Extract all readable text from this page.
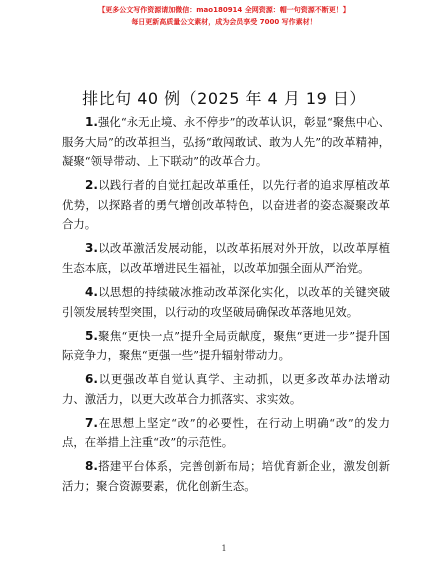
【更多公文写作资源请加微信：mao180914 全网资源：帽一句资源不断更！】
每日更新高质量公文素材，成为会员享受 7000 写作素材！
排比句 40 例（2025 年 4 月 19 日）

1.强化“永无止境、永不停步”的改革认识，彰显“聚焦中心、服务大局”的改革担当，弘扬“敢闯敢试、敢为人先”的改革精神，凝聚“领导带动、上下联动”的改革合力。

2.以践行者的自觉扛起改革重任，以先行者的追求厚植改革优势，以探路者的勇气增创改革特色，以奋进者的姿态凝聚改革合力。

3.以改革激活发展动能，以改革拓展对外开放，以改革厚植生态本底，以改革增进民生福祉，以改革加强全面从严治党。

4.以思想的持续破冰推动改革深化实化，以改革的关键突破引领发展转型突围，以行动的攻坚破局确保改革落地见效。

5.聚焦“更快一点”提升全局贡献度，聚焦“更进一步”提升国际竞争力，聚焦“更强一些”提升辐射带动力。

6.以更强改革自觉认真学、主动抓，以更多改革办法增动力、激活力，以更大改革合力抓落实、求实效。

7.在思想上坚定“改”的必要性，在行动上明确“改”的发力点，在举措上注重“改”的示范性。

8.搭建平台体系，完善创新布局；培优育新企业，激发创新活力；聚合资源要素，优化创新生态。

1
